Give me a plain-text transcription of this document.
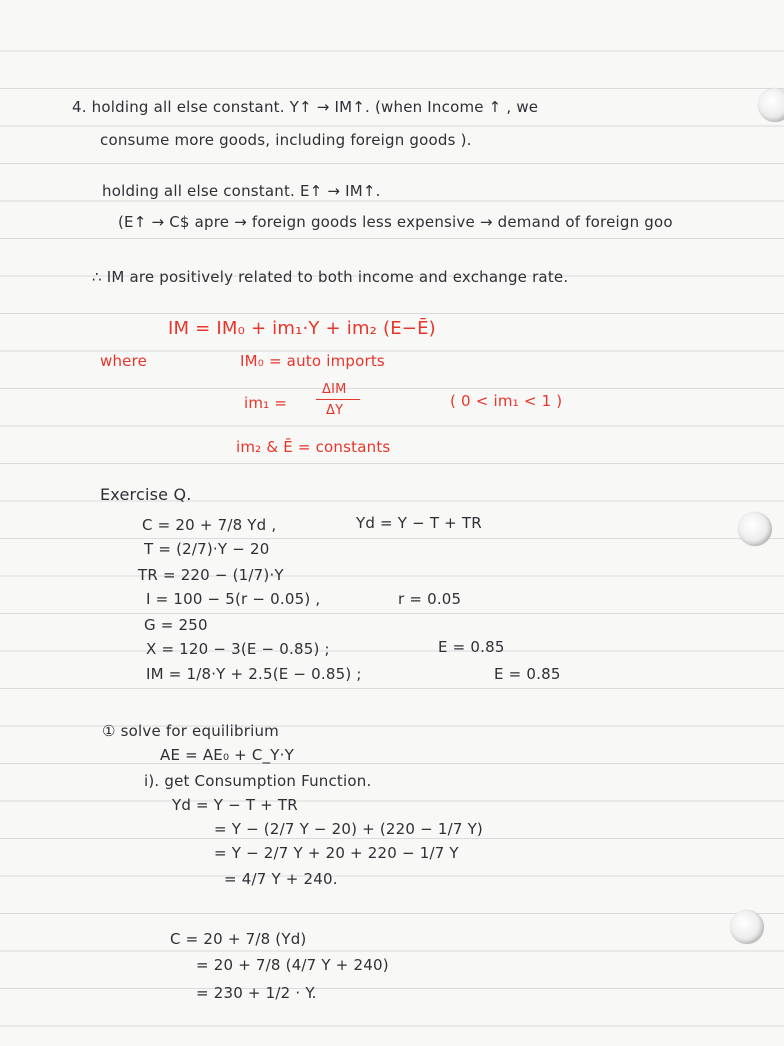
4. holding all else constant. Y↑ → IM↑. (when Income ↑ , we
consume more goods, including foreign goods ).
holding all else constant. E↑ → IM↑.
(E↑ → C$ apre → foreign goods less expensive → demand of foreign goo
∴ IM are positively related to both income and exchange rate.
IM = IM₀ + im₁·Y + im₂ (E−Ē)
where	IM₀ = auto imports
im₁ =
ΔIM
ΔY
( 0 < im₁ < 1 )
im₂ & Ē = constants
Exercise Q.
C = 20 + 7/8 Yd ,	Yd = Y − T + TR
T = (2/7)·Y − 20
TR = 220 − (1/7)·Y
I = 100 − 5(r − 0.05) ,	r = 0.05
G = 250
X = 120 − 3(E − 0.85) ;	E = 0.85
IM = 1/8·Y + 2.5(E − 0.85) ;	E = 0.85
① solve for equilibrium
AE = AE₀ + C_Y·Y
i). get Consumption Function.
Yd = Y − T + TR
= Y − (2/7 Y − 20) + (220 − 1/7 Y)
= Y − 2/7 Y + 20 + 220 − 1/7 Y
= 4/7 Y + 240.
C = 20 + 7/8 (Yd)
= 20 + 7/8 (4/7 Y + 240)
= 230 + 1/2 · Y.
